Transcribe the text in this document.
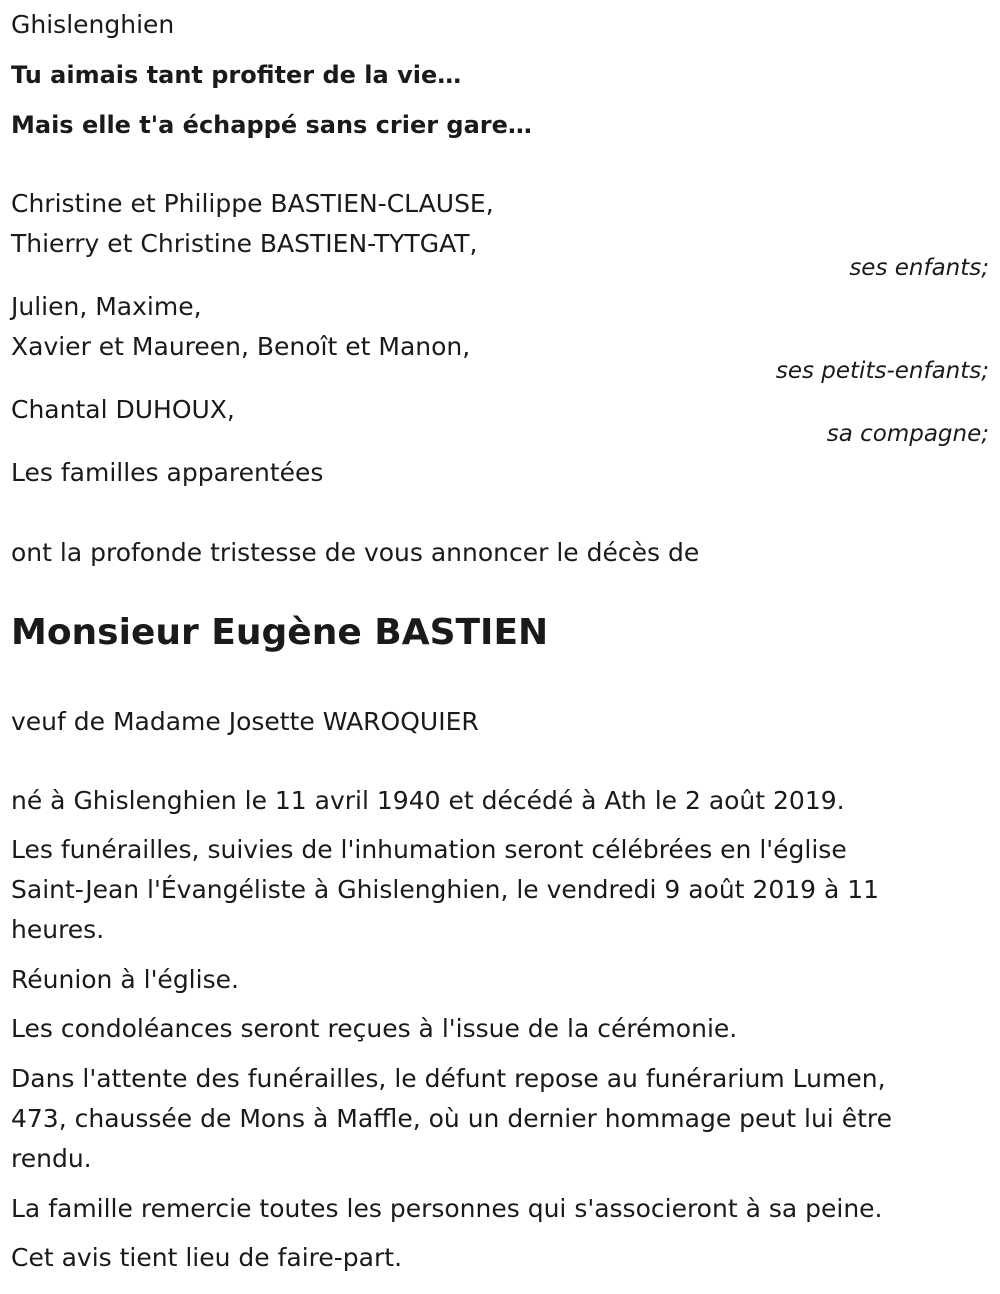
Ghislenghien

Tu aimais tant profiter de la vie…

Mais elle t'a échappé sans crier gare…

Christine et Philippe BASTIEN-CLAUSE,

Thierry et Christine BASTIEN-TYTGAT,

ses enfants;

Julien, Maxime,

Xavier et Maureen, Benoît et Manon,

ses petits-enfants;

Chantal DUHOUX,

sa compagne;

Les familles apparentées

ont la profonde tristesse de vous annoncer le décès de

Monsieur Eugène BASTIEN

veuf de Madame Josette WAROQUIER

né à Ghislenghien le 11 avril 1940 et décédé à Ath le 2 août 2019.

Les funérailles, suivies de l'inhumation seront célébrées en l'église

Saint-Jean l'Évangéliste à Ghislenghien, le vendredi 9 août 2019 à 11

heures.

Réunion à l'église.

Les condoléances seront reçues à l'issue de la cérémonie.

Dans l'attente des funérailles, le défunt repose au funérarium Lumen,

473, chaussée de Mons à Maffle, où un dernier hommage peut lui être

rendu.

La famille remercie toutes les personnes qui s'associeront à sa peine.

Cet avis tient lieu de faire-part.
